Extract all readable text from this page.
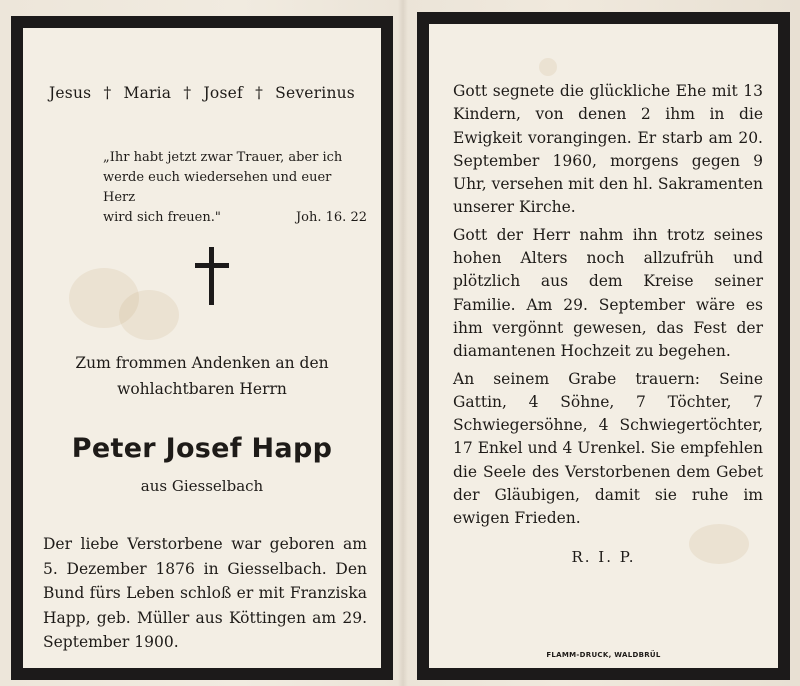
Jesus † Maria † Josef † Severinus
„Ihr habt jetzt zwar Trauer, aber ich
werde euch wiedersehen und euer Herz
wird sich freuen."	Joh. 16. 22
Zum frommen Andenken an den
wohlachtbaren Herrn
Peter Josef Happ
aus Giesselbach
Der liebe Verstorbene war geboren am 5. Dezember 1876 in Giesselbach. Den Bund fürs Leben schloß er mit Franziska Happ, geb. Müller aus Köttingen am 29. September 1900.

Gott segnete die glückliche Ehe mit 13 Kindern, von denen 2 ihm in die Ewigkeit vorangingen. Er starb am 20. September 1960, morgens gegen 9 Uhr, versehen mit den hl. Sakramenten unserer Kirche.

Gott der Herr nahm ihn trotz seines hohen Alters noch allzufrüh und plötzlich aus dem Kreise seiner Familie. Am 29. September wäre es ihm vergönnt gewesen, das Fest der diamantenen Hochzeit zu begehen.

An seinem Grabe trauern: Seine Gattin, 4 Söhne, 7 Töchter, 7 Schwiegersöhne, 4 Schwiegertöchter, 17 Enkel und 4 Urenkel. Sie empfehlen die Seele des Verstorbenen dem Gebet der Gläubigen, damit sie ruhe im ewigen Frieden.

R. I. P.
FLAMM-DRUCK, WALDBRÜL
